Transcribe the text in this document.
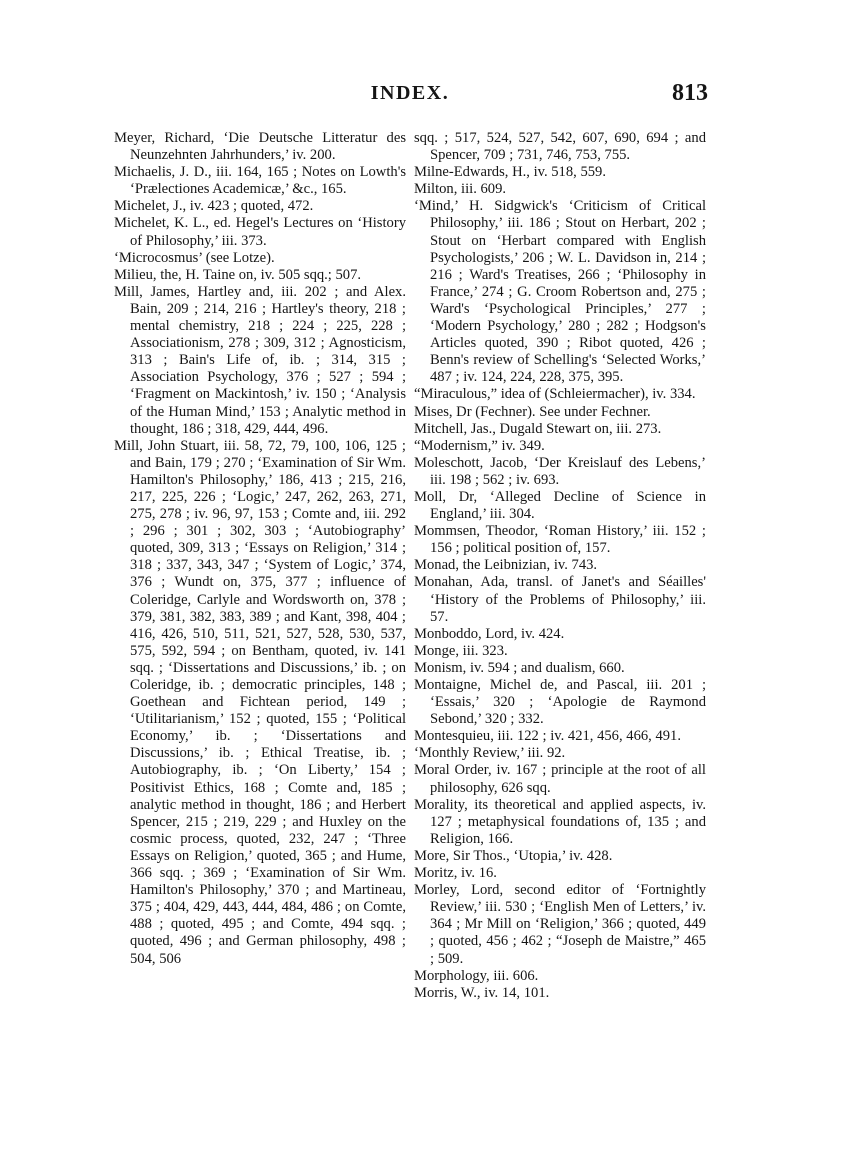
INDEX.	813

Meyer, Richard, ‘Die Deutsche Litteratur des Neunzehnten Jahrhunders,’ iv. 200.

Michaelis, J. D., iii. 164, 165 ; Notes on Lowth's ‘Prælectiones Academicæ,’ &c., 165.

Michelet, J., iv. 423 ; quoted, 472.

Michelet, K. L., ed. Hegel's Lectures on ‘History of Philosophy,’ iii. 373.

‘Microcosmus’ (see Lotze).

Milieu, the, H. Taine on, iv. 505 sqq.; 507.

Mill, James, Hartley and, iii. 202 ; and Alex. Bain, 209 ; 214, 216 ; Hartley's theory, 218 ; mental chemistry, 218 ; 224 ; 225, 228 ; Associationism, 278 ; 309, 312 ; Agnosticism, 313 ; Bain's Life of, ib. ; 314, 315 ; Association Psychology, 376 ; 527 ; 594 ; ‘Fragment on Mackintosh,’ iv. 150 ; ‘Analysis of the Human Mind,’ 153 ; Analytic method in thought, 186 ; 318, 429, 444, 496.

Mill, John Stuart, iii. 58, 72, 79, 100, 106, 125 ; and Bain, 179 ; 270 ; ‘Examination of Sir Wm. Hamilton's Philosophy,’ 186, 413 ; 215, 216, 217, 225, 226 ; ‘Logic,’ 247, 262, 263, 271, 275, 278 ; iv. 96, 97, 153 ; Comte and, iii. 292 ; 296 ; 301 ; 302, 303 ; ‘Autobiography’ quoted, 309, 313 ; ‘Essays on Religion,’ 314 ; 318 ; 337, 343, 347 ; ‘System of Logic,’ 374, 376 ; Wundt on, 375, 377 ; influence of Coleridge, Carlyle and Wordsworth on, 378 ; 379, 381, 382, 383, 389 ; and Kant, 398, 404 ; 416, 426, 510, 511, 521, 527, 528, 530, 537, 575, 592, 594 ; on Bentham, quoted, iv. 141 sqq. ; ‘Dissertations and Discussions,’ ib. ; on Coleridge, ib. ; democratic principles, 148 ; Goethean and Fichtean period, 149 ; ‘Utilitarianism,’ 152 ; quoted, 155 ; ‘Political Economy,’ ib. ; ‘Dissertations and Discussions,’ ib. ; Ethical Treatise, ib. ; Autobiography, ib. ; ‘On Liberty,’ 154 ; Positivist Ethics, 168 ; Comte and, 185 ; analytic method in thought, 186 ; and Herbert Spencer, 215 ; 219, 229 ; and Huxley on the cosmic process, quoted, 232, 247 ; ‘Three Essays on Religion,’ quoted, 365 ; and Hume, 366 sqq. ; 369 ; ‘Examination of Sir Wm. Hamilton's Philosophy,’ 370 ; and Martineau, 375 ; 404, 429, 443, 444, 484, 486 ; on Comte, 488 ; quoted, 495 ; and Comte, 494 sqq. ; quoted, 496 ; and German philosophy, 498 ; 504, 506

sqq. ; 517, 524, 527, 542, 607, 690, 694 ; and Spencer, 709 ; 731, 746, 753, 755.

Milne-Edwards, H., iv. 518, 559.

Milton, iii. 609.

‘Mind,’ H. Sidgwick's ‘Criticism of Critical Philosophy,’ iii. 186 ; Stout on Herbart, 202 ; Stout on ‘Herbart compared with English Psychologists,’ 206 ; W. L. Davidson in, 214 ; 216 ; Ward's Treatises, 266 ; ‘Philosophy in France,’ 274 ; G. Croom Robertson and, 275 ; Ward's ‘Psychological Principles,’ 277 ; ‘Modern Psychology,’ 280 ; 282 ; Hodgson's Articles quoted, 390 ; Ribot quoted, 426 ; Benn's review of Schelling's ‘Selected Works,’ 487 ; iv. 124, 224, 228, 375, 395.

“Miraculous,” idea of (Schleiermacher), iv. 334.

Mises, Dr (Fechner). See under Fechner.

Mitchell, Jas., Dugald Stewart on, iii. 273.

“Modernism,” iv. 349.

Moleschott, Jacob, ‘Der Kreislauf des Lebens,’ iii. 198 ; 562 ; iv. 693.

Moll, Dr, ‘Alleged Decline of Science in England,’ iii. 304.

Mommsen, Theodor, ‘Roman History,’ iii. 152 ; 156 ; political position of, 157.

Monad, the Leibnizian, iv. 743.

Monahan, Ada, transl. of Janet's and Séailles' ‘History of the Problems of Philosophy,’ iii. 57.

Monboddo, Lord, iv. 424.

Monge, iii. 323.

Monism, iv. 594 ; and dualism, 660.

Montaigne, Michel de, and Pascal, iii. 201 ; ‘Essais,’ 320 ; ‘Apologie de Raymond Sebond,’ 320 ; 332.

Montesquieu, iii. 122 ; iv. 421, 456, 466, 491.

‘Monthly Review,’ iii. 92.

Moral Order, iv. 167 ; principle at the root of all philosophy, 626 sqq.

Morality, its theoretical and applied aspects, iv. 127 ; metaphysical foundations of, 135 ; and Religion, 166.

More, Sir Thos., ‘Utopia,’ iv. 428.

Moritz, iv. 16.

Morley, Lord, second editor of ‘Fortnightly Review,’ iii. 530 ; ‘English Men of Letters,’ iv. 364 ; Mr Mill on ‘Religion,’ 366 ; quoted, 449 ; quoted, 456 ; 462 ; “Joseph de Maistre,” 465 ; 509.

Morphology, iii. 606.

Morris, W., iv. 14, 101.
